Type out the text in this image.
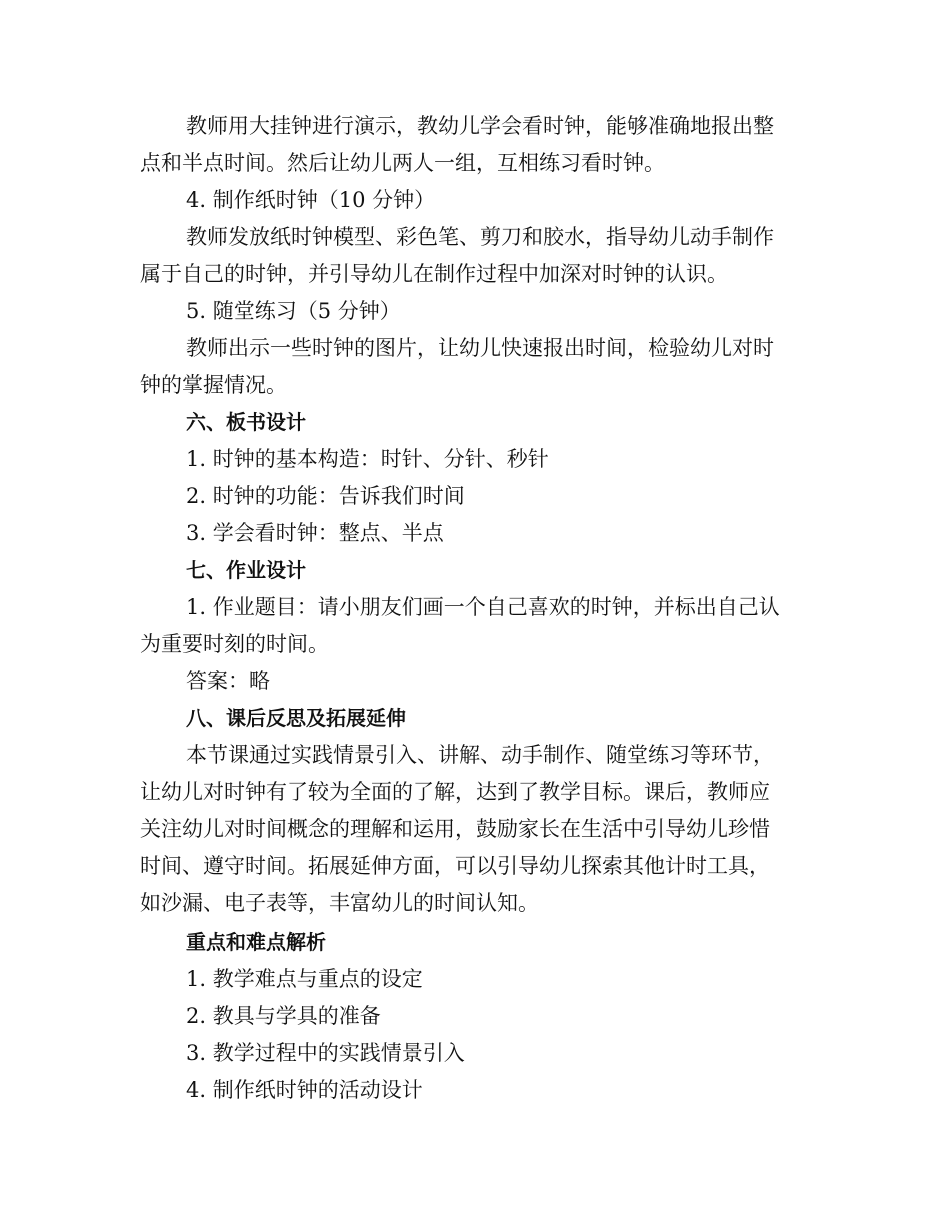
教师用大挂钟进行演示，教幼儿学会看时钟，能够准确地报出整
点和半点时间。然后让幼儿两人一组，互相练习看时钟。
4. 制作纸时钟（10 分钟）
教师发放纸时钟模型、彩色笔、剪刀和胶水，指导幼儿动手制作
属于自己的时钟，并引导幼儿在制作过程中加深对时钟的认识。
5. 随堂练习（5 分钟）
教师出示一些时钟的图片，让幼儿快速报出时间，检验幼儿对时
钟的掌握情况。
六、板书设计
1. 时钟的基本构造：时针、分针、秒针
2. 时钟的功能：告诉我们时间
3. 学会看时钟：整点、半点
七、作业设计
1. 作业题目：请小朋友们画一个自己喜欢的时钟，并标出自己认
为重要时刻的时间。
答案：略
八、课后反思及拓展延伸
本节课通过实践情景引入、讲解、动手制作、随堂练习等环节，
让幼儿对时钟有了较为全面的了解，达到了教学目标。课后，教师应
关注幼儿对时间概念的理解和运用，鼓励家长在生活中引导幼儿珍惜
时间、遵守时间。拓展延伸方面，可以引导幼儿探索其他计时工具，
如沙漏、电子表等，丰富幼儿的时间认知。
重点和难点解析
1. 教学难点与重点的设定
2. 教具与学具的准备
3. 教学过程中的实践情景引入
4. 制作纸时钟的活动设计
